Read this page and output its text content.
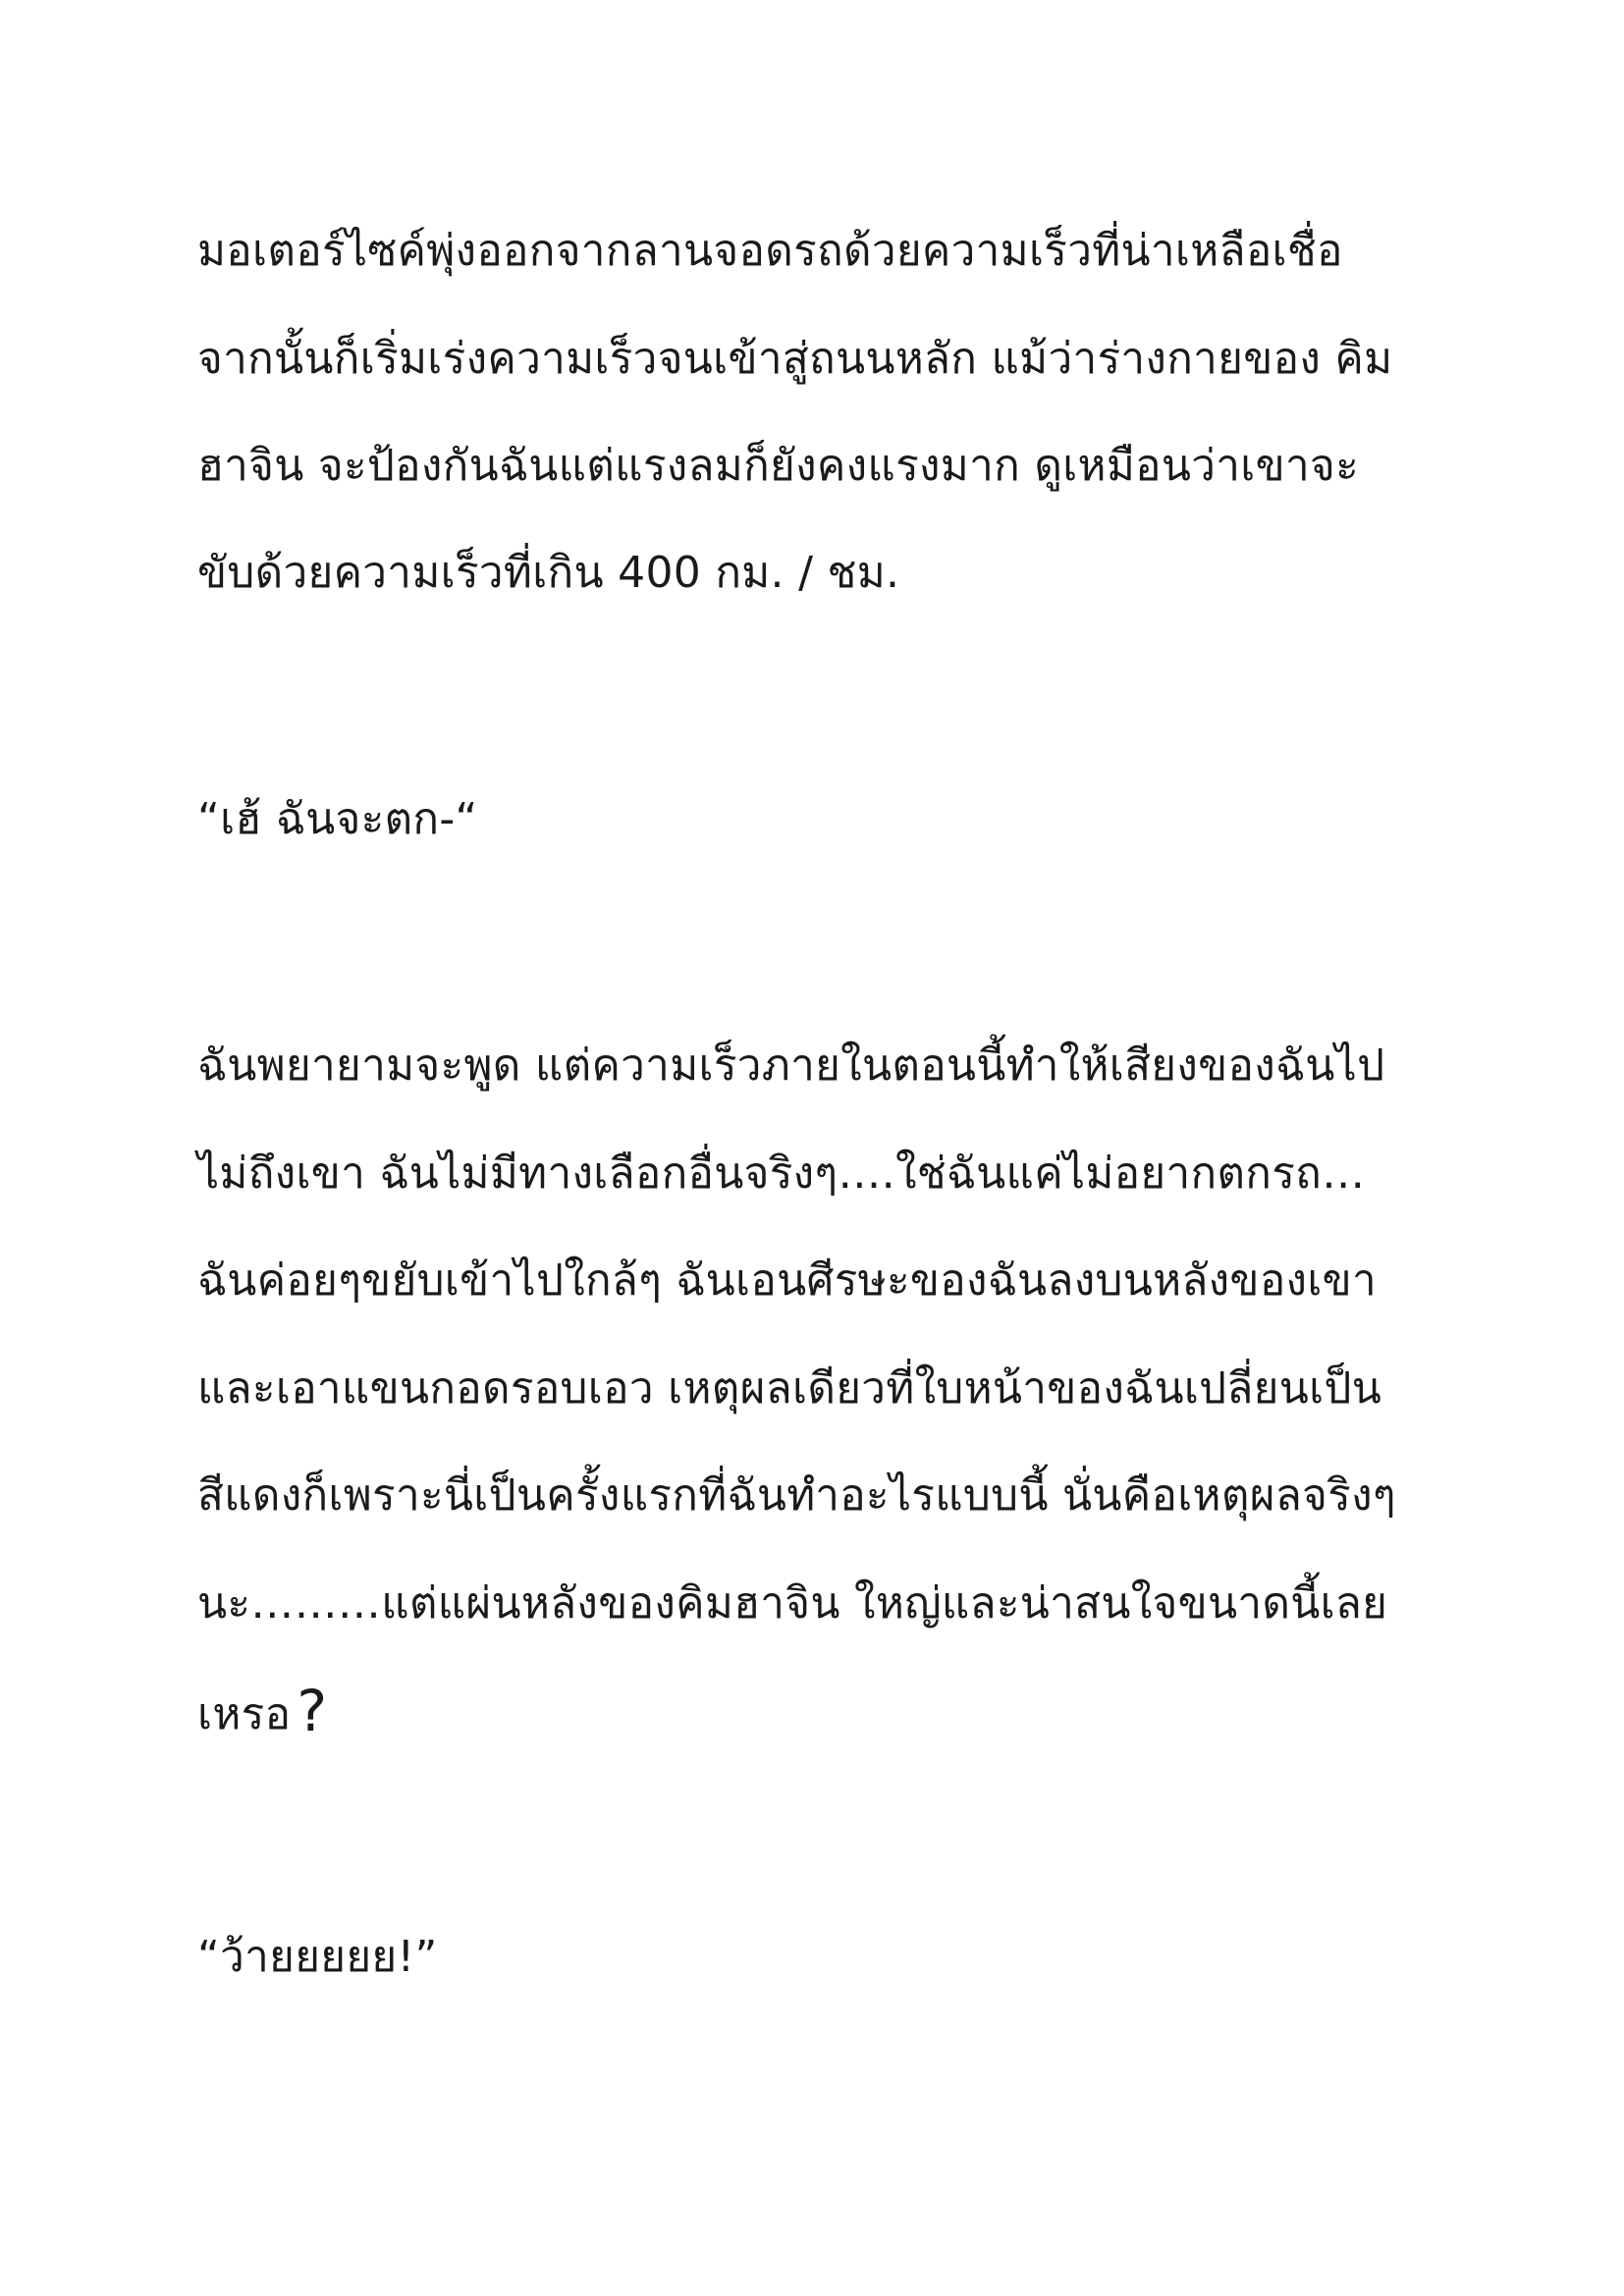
มอเตอร์ไซค์พุ่งออกจากลานจอดรถด้วยความเร็วที่น่าเหลือเชื่อ
จากนั้นก็เริ่มเร่งความเร็วจนเข้าสู่ถนนหลัก แม้ว่าร่างกายของ คิม
ฮาจิน จะป้องกันฉันแต่แรงลมก็ยังคงแรงมาก ดูเหมือนว่าเขาจะ
ขับด้วยความเร็วที่เกิน 400 กม. / ชม.
“เฮ้ ฉันจะตก-“
ฉันพยายามจะพูด แต่ความเร็วภายในตอนนี้ทำให้เสียงของฉันไป
ไม่ถึงเขา ฉันไม่มีทางเลือกอื่นจริงๆ….ใช่ฉันแค่ไม่อยากตกรถ…
ฉันค่อยๆขยับเข้าไปใกล้ๆ ฉันเอนศีรษะของฉันลงบนหลังของเขา
และเอาแขนกอดรอบเอว เหตุผลเดียวที่ใบหน้าของฉันเปลี่ยนเป็น
สีแดงก็เพราะนี่เป็นครั้งแรกที่ฉันทำอะไรแบบนี้ นั่นคือเหตุผลจริงๆ
นะ………แต่แผ่นหลังของคิมฮาจิน ใหญ่และน่าสนใจขนาดนี้เลย
เหรอ ?
“ว้ายยยยย!”
